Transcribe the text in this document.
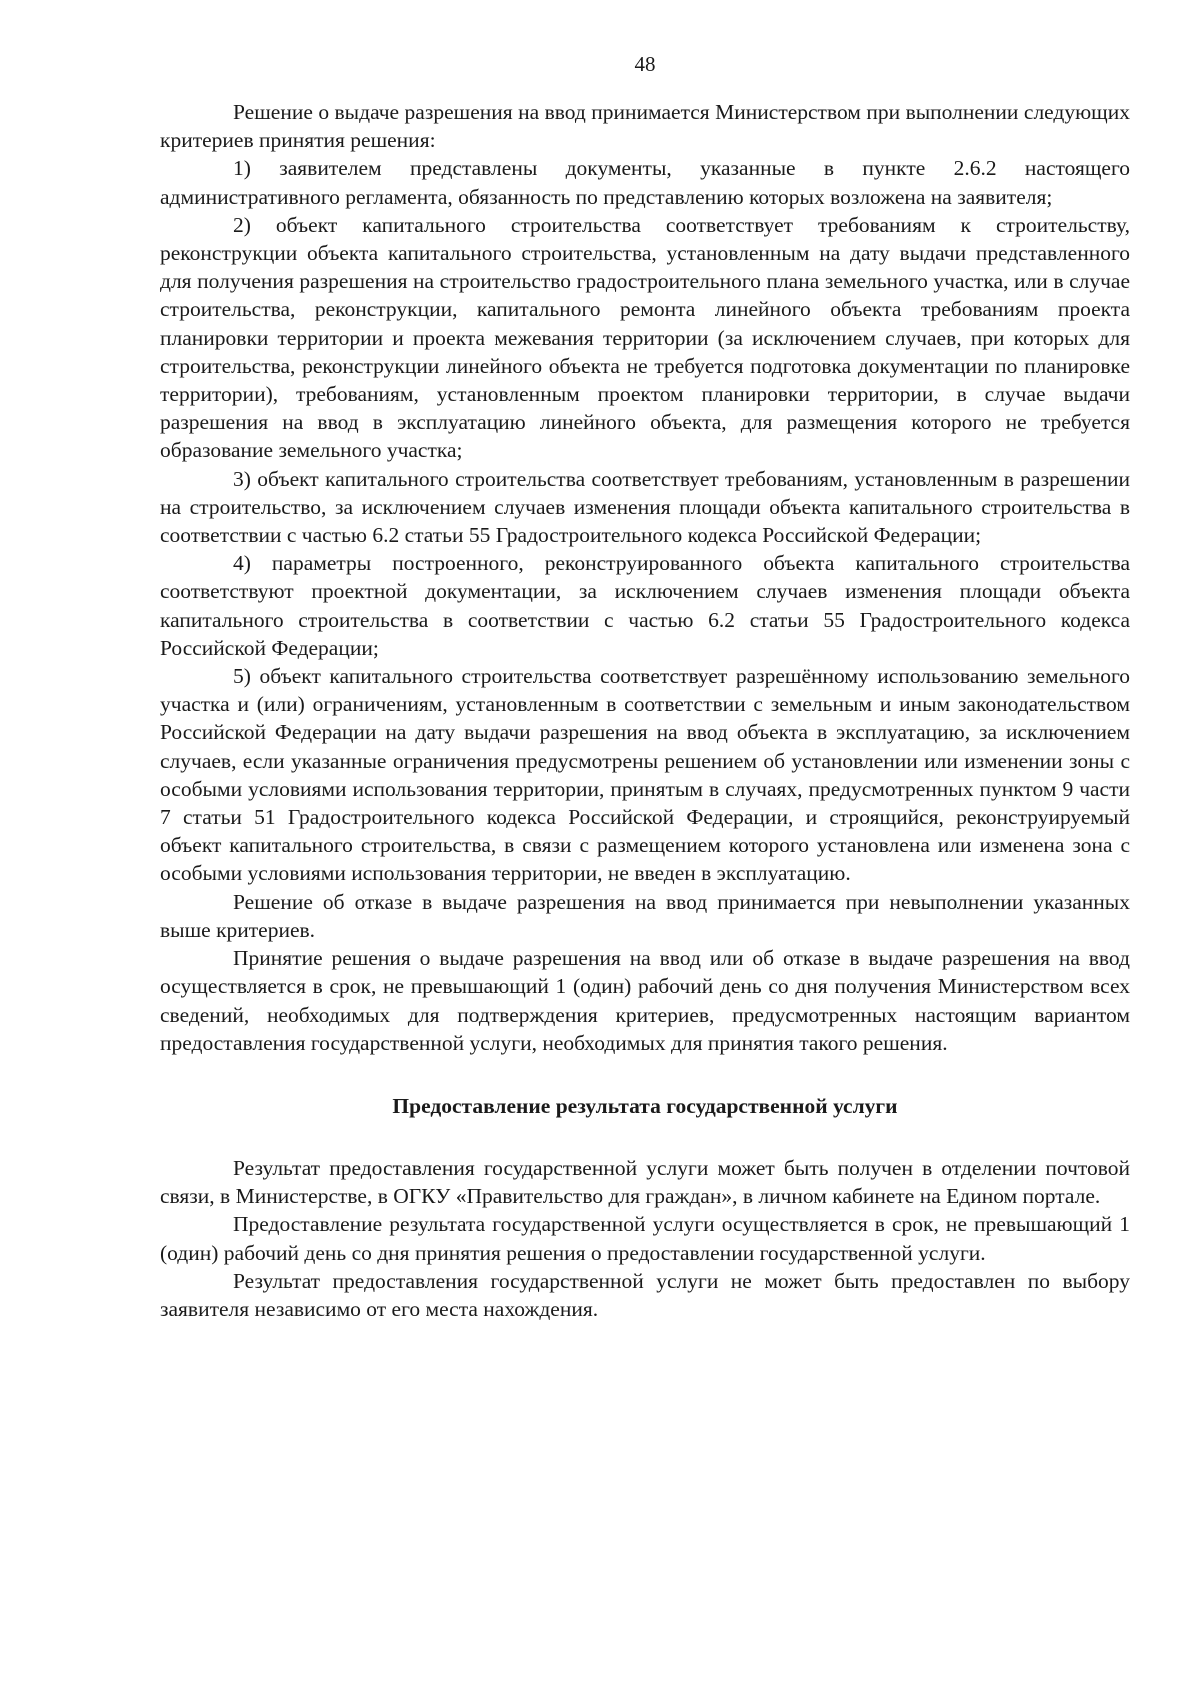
48

Решение о выдаче разрешения на ввод принимается Министерством при выполнении следующих критериев принятия решения:

1) заявителем представлены документы, указанные в пункте 2.6.2 настоящего административного регламента, обязанность по представлению которых возложена на заявителя;

2) объект капитального строительства соответствует требованиям к строительству, реконструкции объекта капитального строительства, установленным на дату выдачи представленного для получения разрешения на строительство градостроительного плана земельного участка, или в случае строительства, реконструкции, капитального ремонта линейного объекта требованиям проекта планировки территории и проекта межевания территории (за исключением случаев, при которых для строительства, реконструкции линейного объекта не требуется подготовка документации по планировке территории), требованиям, установленным проектом планировки территории, в случае выдачи разрешения на ввод в эксплуатацию линейного объекта, для размещения которого не требуется образование земельного участка;

3) объект капитального строительства соответствует требованиям, установленным в разрешении на строительство, за исключением случаев изменения площади объекта капитального строительства в соответствии с частью 6.2 статьи 55 Градостроительного кодекса Российской Федерации;

4) параметры построенного, реконструированного объекта капитального строительства соответствуют проектной документации, за исключением случаев изменения площади объекта капитального строительства в соответствии с частью 6.2 статьи 55 Градостроительного кодекса Российской Федерации;

5) объект капитального строительства соответствует разрешённому использованию земельного участка и (или) ограничениям, установленным в соответствии с земельным и иным законодательством Российской Федерации на дату выдачи разрешения на ввод объекта в эксплуатацию, за исключением случаев, если указанные ограничения предусмотрены решением об установлении или изменении зоны с особыми условиями использования территории, принятым в случаях, предусмотренных пунктом 9 части 7 статьи 51 Градостроительного кодекса Российской Федерации, и строящийся, реконструируемый объект капитального строительства, в связи с размещением которого установлена или изменена зона с особыми условиями использования территории, не введен в эксплуатацию.

Решение об отказе в выдаче разрешения на ввод принимается при невыполнении указанных выше критериев.

Принятие решения о выдаче разрешения на ввод или об отказе в выдаче разрешения на ввод осуществляется в срок, не превышающий 1 (один) рабочий день со дня получения Министерством всех сведений, необходимых для подтверждения критериев, предусмотренных настоящим вариантом предоставления государственной услуги, необходимых для принятия такого решения.

Предоставление результата государственной услуги

Результат предоставления государственной услуги может быть получен в отделении почтовой связи, в Министерстве, в ОГКУ «Правительство для граждан», в личном кабинете на Едином портале.

Предоставление результата государственной услуги осуществляется в срок, не превышающий 1 (один) рабочий день со дня принятия решения о предоставлении государственной услуги.

Результат предоставления государственной услуги не может быть предоставлен по выбору заявителя независимо от его места нахождения.
